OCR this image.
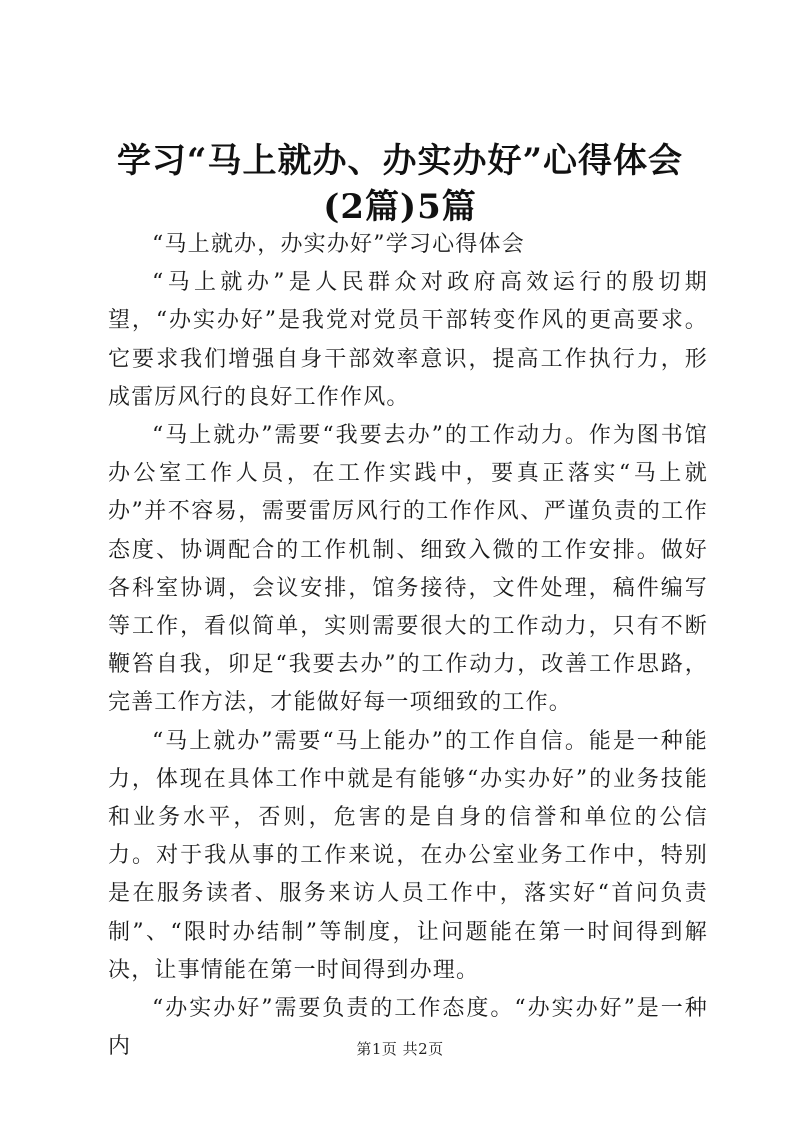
学习“马上就办、办实办好”心得体会(2篇)5篇

“马上就办，办实办好”学习心得体会

“马上就办”是人民群众对政府高效运行的殷切期望，“办实办好”是我党对党员干部转变作风的更高要求。它要求我们增强自身干部效率意识，提高工作执行力，形成雷厉风行的良好工作作风。

“马上就办”需要“我要去办”的工作动力。作为图书馆办公室工作人员，在工作实践中，要真正落实“马上就办”并不容易，需要雷厉风行的工作作风、严谨负责的工作态度、协调配合的工作机制、细致入微的工作安排。做好各科室协调，会议安排，馆务接待，文件处理，稿件编写等工作，看似简单，实则需要很大的工作动力，只有不断鞭笞自我，卯足“我要去办”的工作动力，改善工作思路，完善工作方法，才能做好每一项细致的工作。

“马上就办”需要“马上能办”的工作自信。能是一种能力，体现在具体工作中就是有能够“办实办好”的业务技能和业务水平，否则，危害的是自身的信誉和单位的公信力。对于我从事的工作来说，在办公室业务工作中，特别是在服务读者、服务来访人员工作中，落实好“首问负责制”、“限时办结制”等制度，让问题能在第一时间得到解决，让事情能在第一时间得到办理。

“办实办好”需要负责的工作态度。“办实办好”是一种内	第1页 共2页
